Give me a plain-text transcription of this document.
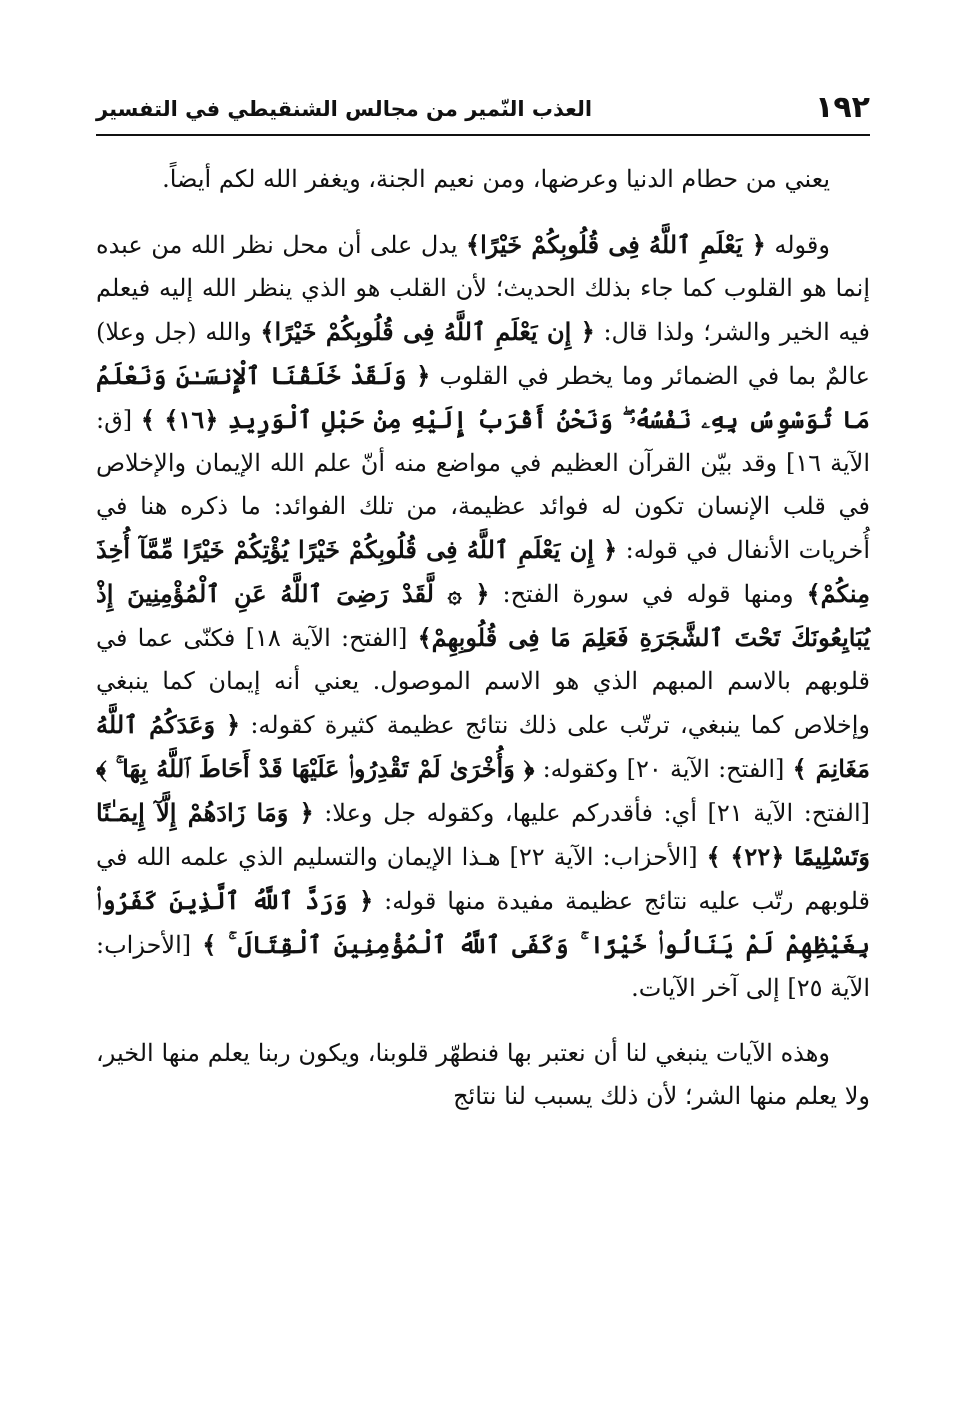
١٩٢
العذب النّمير من مجالس الشنقيطي في التفسير

يعني من حطام الدنيا وعرضها، ومن نعيم الجنة، ويغفر الله لكم أيضاً.

وقوله ﴿ يَعْلَمِ ٱللَّهُ فِى قُلُوبِكُمْ خَيْرًا﴾ يدل على أن محل نظر الله من عبده إنما هو القلوب كما جاء بذلك الحديث؛ لأن القلب هو الذي ينظر الله إليه فيعلم فيه الخير والشر؛ ولذا قال: ﴿ إِن يَعْلَمِ ٱللَّهُ فِى قُلُوبِكُمْ خَيْرًا﴾ والله (جل وعلا) عالمٌ بما في الضمائر وما يخطر في القلوب ﴿ وَلَقَدْ خَلَقْنَا ٱلْإِنسَـٰنَ وَنَعْلَمُ مَا تُوَسْوِسُ بِهِۦ نَفْسُهُۥ ۖ وَنَحْنُ أَقْرَبُ إِلَيْهِ مِنْ حَبْلِ ٱلْوَرِيدِ ﴿١٦﴾ ﴾ [ق: الآية ١٦] وقد بيّن القرآن العظيم في مواضع منه أنّ علم الله الإيمان والإخلاص في قلب الإنسان تكون له فوائد عظيمة، من تلك الفوائد: ما ذكره هنا في أُخريات الأنفال في قوله: ﴿ إِن يَعْلَمِ ٱللَّهُ فِى قُلُوبِكُمْ خَيْرًا يُؤْتِكُمْ خَيْرًا مِّمَّآ أُخِذَ مِنكُمْ﴾ ومنها قوله في سورة الفتح: ﴿ ۞ لَّقَدْ رَضِىَ ٱللَّهُ عَنِ ٱلْمُؤْمِنِينَ إِذْ يُبَايِعُونَكَ تَحْتَ ٱلشَّجَرَةِ فَعَلِمَ مَا فِى قُلُوبِهِمْ﴾ [الفتح: الآية ١٨] فكنّى عما في قلوبهم بالاسم المبهم الذي هو الاسم الموصول. يعني أنه إيمان كما ينبغي وإخلاص كما ينبغي، ترتّب على ذلك نتائج عظيمة كثيرة كقوله: ﴿ وَعَدَكُمُ ٱللَّهُ مَغَانِمَ ﴾ [الفتح: الآية ٢٠] وكقوله: ﴿ وَأُخْرَىٰ لَمْ تَقْدِرُوا۟ عَلَيْهَا قَدْ أَحَاطَ ٱللَّهُ بِهَا ۚ ﴾ [الفتح: الآية ٢١] أي: فأقدركم عليها، وكقوله جل وعلا: ﴿ وَمَا زَادَهُمْ إِلَّآ إِيمَـٰنًا وَتَسْلِيمًا ﴿٢٢﴾ ﴾ [الأحزاب: الآية ٢٢] هـذا الإيمان والتسليم الذي علمه الله في قلوبهم رتّب عليه نتائج عظيمة مفيدة منها قوله: ﴿ وَرَدَّ ٱللَّهُ ٱلَّذِينَ كَفَرُوا۟ بِغَيْظِهِمْ لَمْ يَنَالُوا۟ خَيْرًا ۚ وَكَفَى ٱللَّهُ ٱلْمُؤْمِنِينَ ٱلْقِتَالَ ۚ ﴾ [الأحزاب: الآية ٢٥] إلى آخر الآيات.

وهذه الآيات ينبغي لنا أن نعتبر بها فنطهّر قلوبنا، ويكون ربنا يعلم منها الخير، ولا يعلم منها الشر؛ لأن ذلك يسبب لنا نتائج
